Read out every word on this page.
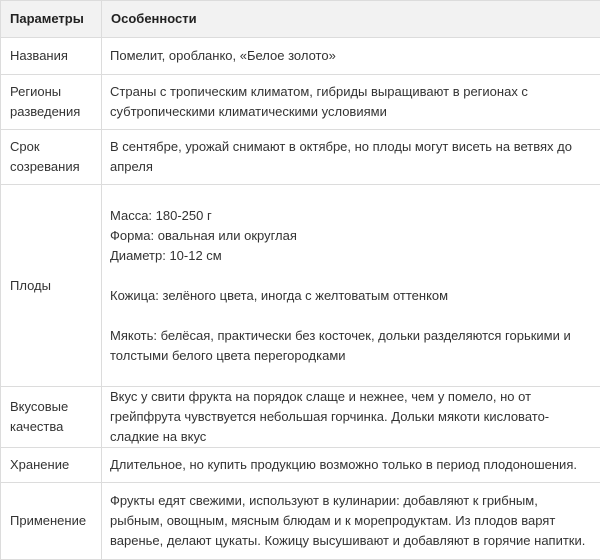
Параметры	Особенности
Названия	Помелит, оробланко, «Белое золото»

Регионы разведения	Страны с тропическим климатом, гибриды выращивают в регионах с субтропическими климатическими условиями

Срок созревания	В сентябре, урожай снимают в октябре, но плоды могут висеть на ветвях до апреля

Плоды	Масса: 180-250 г
Форма: овальная или округлая
Диаметр: 10-12 см
Кожица: зелёного цвета, иногда с желтоватым оттенком
Мякоть: белёсая, практически без косточек, дольки разделяются горькими и толстыми белого цвета перегородками

Вкусовые качества	Вкус у свити фрукта на порядок слаще и нежнее, чем у помело, но от грейпфрута чувствуется небольшая горчинка. Дольки мякоти кисловато-сладкие на вкус

Хранение	Длительное, но купить продукцию возможно только в период плодоношения.

Применение	Фрукты едят свежими, используют в кулинарии: добавляют к грибным, рыбным, овощным, мясным блюдам и к морепродуктам. Из плодов варят варенье, делают цукаты. Кожицу высушивают и добавляют в горячие напитки.
